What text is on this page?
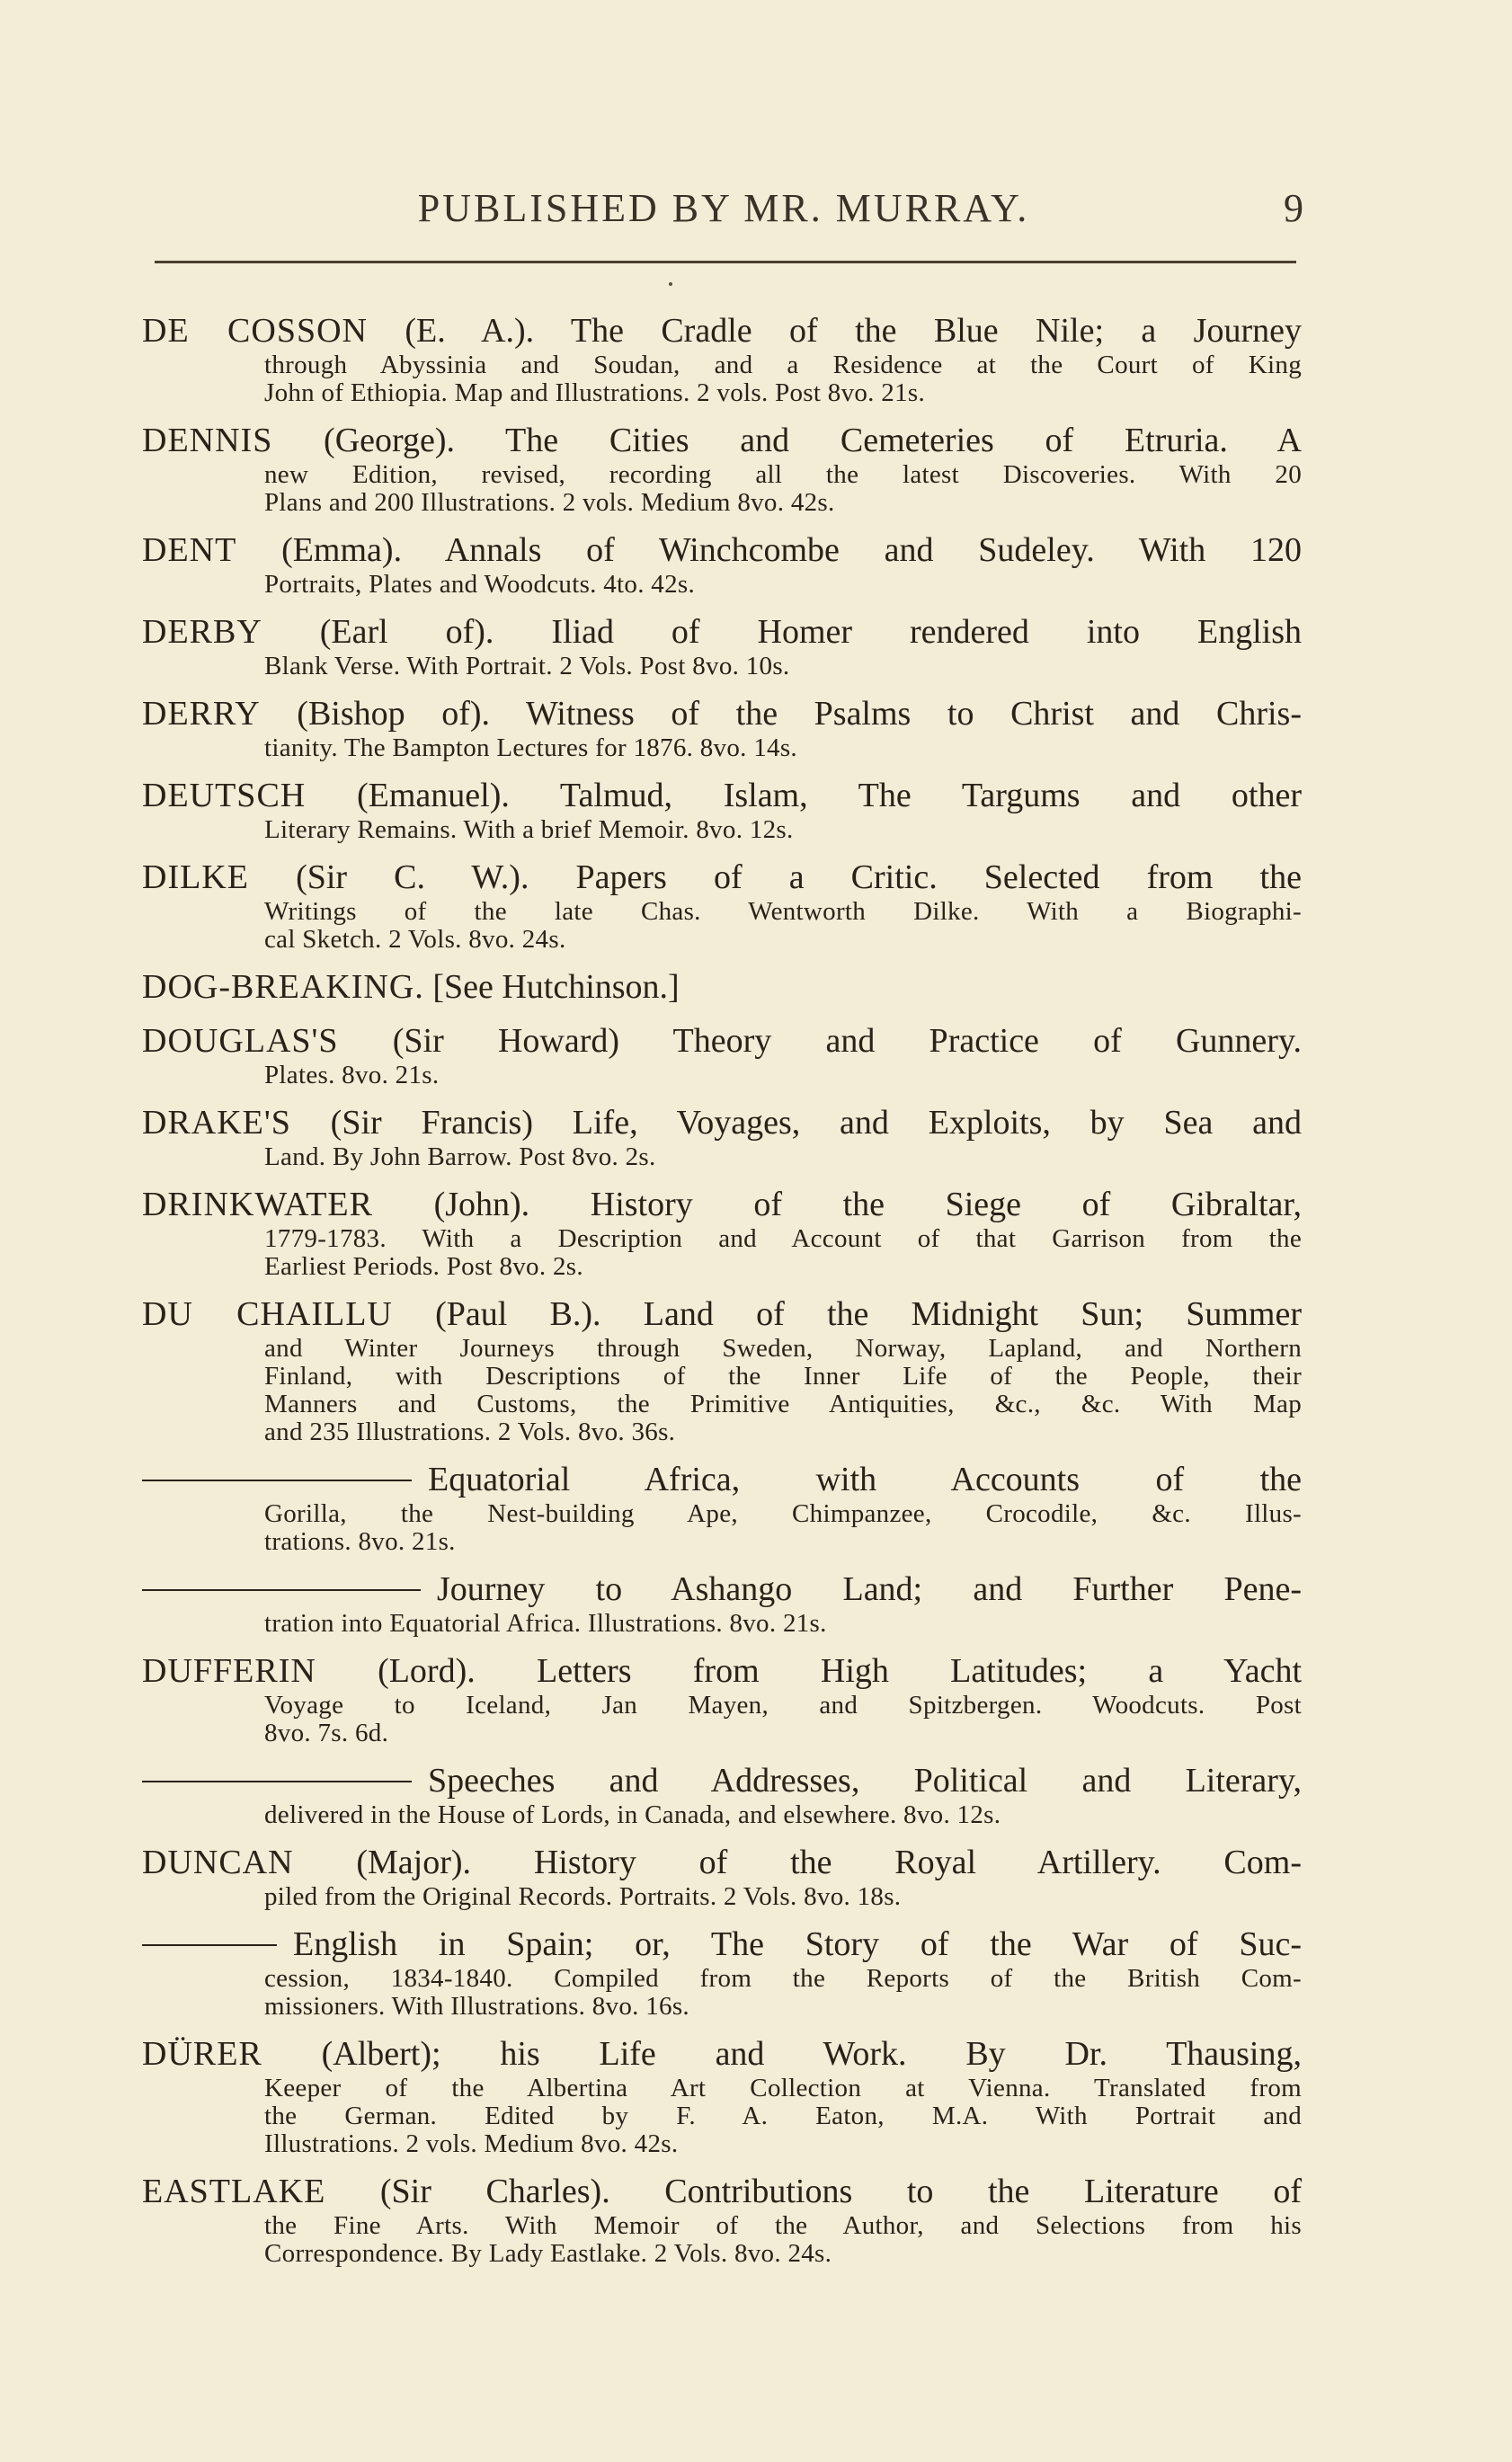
PUBLISHED BY MR. MURRAY.	9

DE COSSON (E. A.). The Cradle of the Blue Nile; a Journey

through Abyssinia and Soudan, and a Residence at the Court of King
John of Ethiopia. Map and Illustrations. 2 vols. Post 8vo. 21s.

DENNIS (George). The Cities and Cemeteries of Etruria. A

new Edition, revised, recording all the latest Discoveries. With 20
Plans and 200 Illustrations. 2 vols. Medium 8vo. 42s.

DENT (Emma). Annals of Winchcombe and Sudeley. With 120

Portraits, Plates and Woodcuts. 4to. 42s.

DERBY (Earl of). Iliad of Homer rendered into English

Blank Verse. With Portrait. 2 Vols. Post 8vo. 10s.

DERRY (Bishop of). Witness of the Psalms to Christ and Chris-

tianity. The Bampton Lectures for 1876. 8vo. 14s.

DEUTSCH (Emanuel). Talmud, Islam, The Targums and other

Literary Remains. With a brief Memoir. 8vo. 12s.

DILKE (Sir C. W.). Papers of a Critic. Selected from the

Writings of the late Chas. Wentworth Dilke. With a Biographi-
cal Sketch. 2 Vols. 8vo. 24s.

DOG-BREAKING. [See Hutchinson.]

DOUGLAS'S (Sir Howard) Theory and Practice of Gunnery.

Plates. 8vo. 21s.

DRAKE'S (Sir Francis) Life, Voyages, and Exploits, by Sea and

Land. By John Barrow. Post 8vo. 2s.

DRINKWATER (John). History of the Siege of Gibraltar,

1779-1783. With a Description and Account of that Garrison from the
Earliest Periods. Post 8vo. 2s.

DU CHAILLU (Paul B.). Land of the Midnight Sun; Summer

and Winter Journeys through Sweden, Norway, Lapland, and Northern
Finland, with Descriptions of the Inner Life of the People, their
Manners and Customs, the Primitive Antiquities, &c., &c. With Map
and 235 Illustrations. 2 Vols. 8vo. 36s.

Equatorial Africa, with Accounts of the

Gorilla, the Nest-building Ape, Chimpanzee, Crocodile, &c. Illus-
trations. 8vo. 21s.

Journey to Ashango Land; and Further Pene-

tration into Equatorial Africa. Illustrations. 8vo. 21s.

DUFFERIN (Lord). Letters from High Latitudes; a Yacht

Voyage to Iceland, Jan Mayen, and Spitzbergen. Woodcuts. Post
8vo. 7s. 6d.

Speeches and Addresses, Political and Literary,

delivered in the House of Lords, in Canada, and elsewhere. 8vo. 12s.

DUNCAN (Major). History of the Royal Artillery. Com-

piled from the Original Records. Portraits. 2 Vols. 8vo. 18s.

English in Spain; or, The Story of the War of Suc-

cession, 1834-1840. Compiled from the Reports of the British Com-
missioners. With Illustrations. 8vo. 16s.

DÜRER (Albert); his Life and Work. By Dr. Thausing,

Keeper of the Albertina Art Collection at Vienna. Translated from
the German. Edited by F. A. Eaton, M.A. With Portrait and
Illustrations. 2 vols. Medium 8vo. 42s.

EASTLAKE (Sir Charles). Contributions to the Literature of

the Fine Arts. With Memoir of the Author, and Selections from his
Correspondence. By Lady Eastlake. 2 Vols. 8vo. 24s.
